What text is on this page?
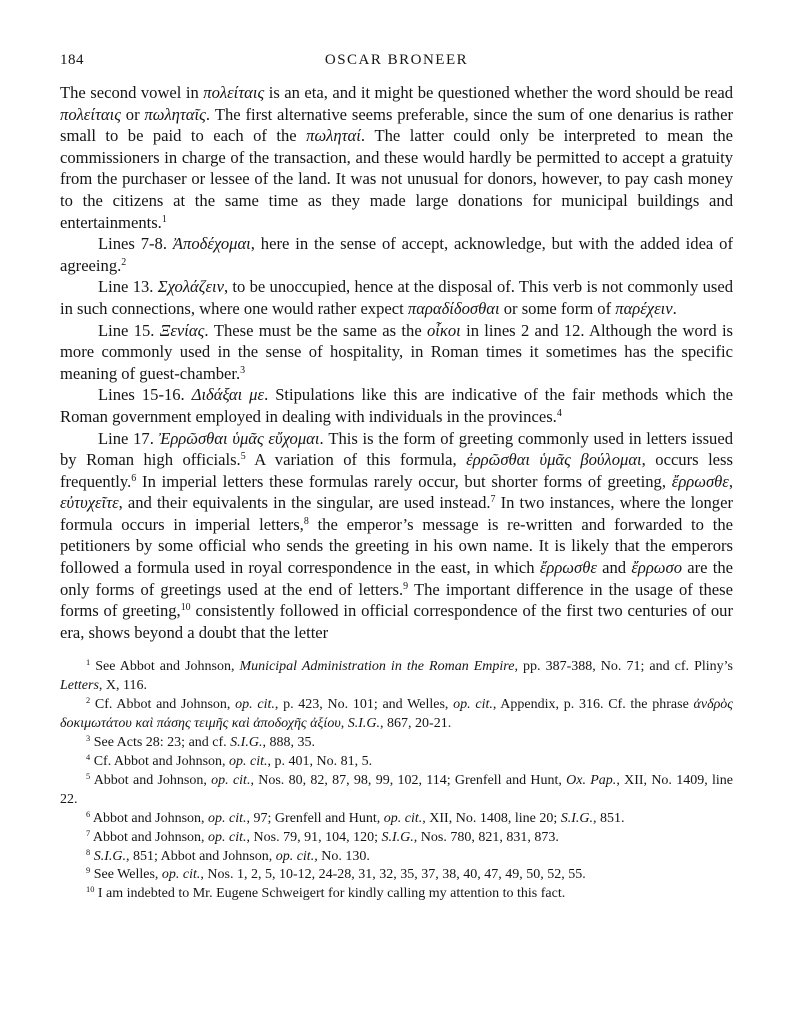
184	OSCAR BRONEER

The second vowel in πολείταις is an eta, and it might be questioned whether the word should be read πολείταις or πωληταῖς. The first alternative seems preferable, since the sum of one denarius is rather small to be paid to each of the πωληταί. The latter could only be interpreted to mean the commissioners in charge of the transaction, and these would hardly be permitted to accept a gratuity from the purchaser or lessee of the land. It was not unusual for donors, however, to pay cash money to the citizens at the same time as they made large donations for municipal buildings and entertainments.$^1$

Lines 7-8. Ἀποδέχομαι, here in the sense of accept, acknowledge, but with the added idea of agreeing.$^2$

Line 13. Σχολάζειν, to be unoccupied, hence at the disposal of. This verb is not commonly used in such connections, where one would rather expect παραδίδοσθαι or some form of παρέχειν.

Line 15. Ξενίας. These must be the same as the οἶκοι in lines 2 and 12. Although the word is more commonly used in the sense of hospitality, in Roman times it sometimes has the specific meaning of guest-chamber.$^3$

Lines 15-16. Διδάξαι με. Stipulations like this are indicative of the fair methods which the Roman government employed in dealing with individuals in the provinces.$^4$

Line 17. Ἐρρῶσθαι ὑμᾶς εὔχομαι. This is the form of greeting commonly used in letters issued by Roman high officials.$^5$ A variation of this formula, ἐρρῶσθαι ὑμᾶς βούλομαι, occurs less frequently.$^6$ In imperial letters these formulas rarely occur, but shorter forms of greeting, ἔρρωσθε, εὐτυχεῖτε, and their equivalents in the singular, are used instead.$^7$ In two instances, where the longer formula occurs in imperial letters,$^8$ the emperor’s message is re-written and forwarded to the petitioners by some official who sends the greeting in his own name. It is likely that the emperors followed a formula used in royal correspondence in the east, in which ἔρρωσθε and ἔρρωσο are the only forms of greetings used at the end of letters.$^9$ The important difference in the usage of these forms of greeting,$^{10}$ consistently followed in official correspondence of the first two centuries of our era, shows beyond a doubt that the letter

$^1$ See Abbot and Johnson, Municipal Administration in the Roman Empire, pp. 387-388, No. 71; and cf. Pliny’s Letters, X, 116.

$^2$ Cf. Abbot and Johnson, op. cit., p. 423, No. 101; and Welles, op. cit., Appendix, p. 316. Cf. the phrase ἀνδρὸς δοκιμωτάτου καὶ πάσης τειμῆς καὶ ἀποδοχῆς ἀξίου, S.I.G., 867, 20-21.

$^3$ See Acts 28: 23; and cf. S.I.G., 888, 35.

$^4$ Cf. Abbot and Johnson, op. cit., p. 401, No. 81, 5.

$^5$ Abbot and Johnson, op. cit., Nos. 80, 82, 87, 98, 99, 102, 114; Grenfell and Hunt, Ox. Pap., XII, No. 1409, line 22.

$^6$ Abbot and Johnson, op. cit., 97; Grenfell and Hunt, op. cit., XII, No. 1408, line 20; S.I.G., 851.

$^7$ Abbot and Johnson, op. cit., Nos. 79, 91, 104, 120; S.I.G., Nos. 780, 821, 831, 873.

$^8$ S.I.G., 851; Abbot and Johnson, op. cit., No. 130.

$^9$ See Welles, op. cit., Nos. 1, 2, 5, 10-12, 24-28, 31, 32, 35, 37, 38, 40, 47, 49, 50, 52, 55.

$^{10}$ I am indebted to Mr. Eugene Schweigert for kindly calling my attention to this fact.
